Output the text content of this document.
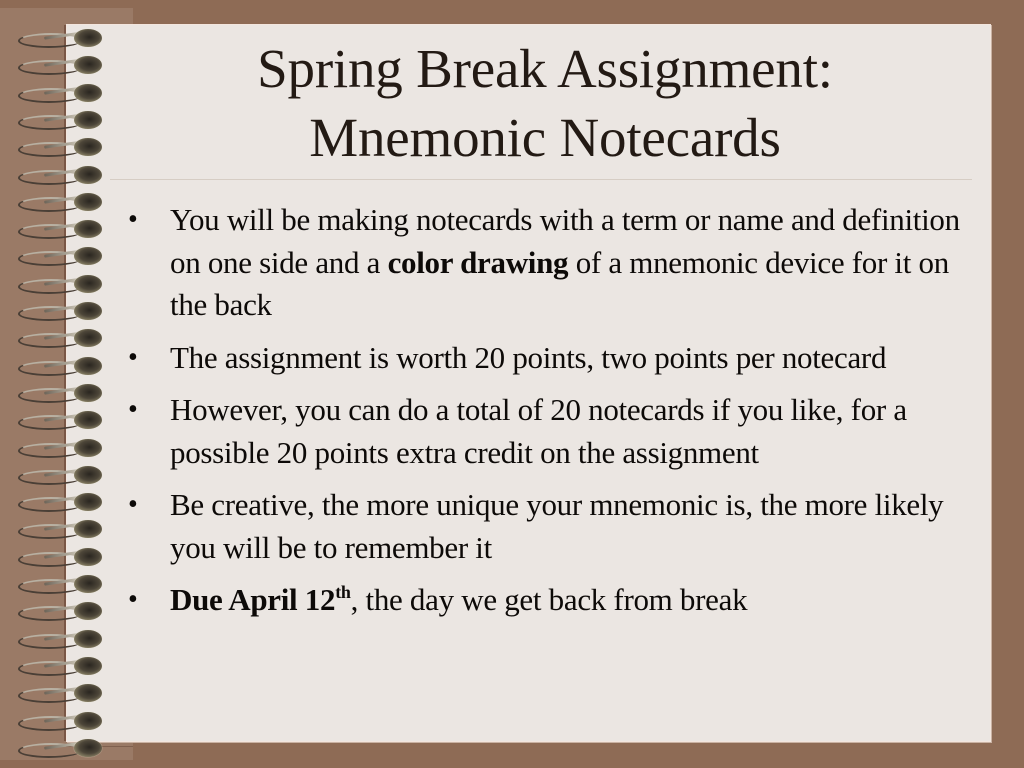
Spring Break Assignment:
Mnemonic Notecards
• You will be making notecards with a term or name and definition on one side and a color drawing of a mnemonic device for it on the back
• The assignment is worth 20 points, two points per notecard
• However, you can do a total of 20 notecards if you like, for a possible 20 points extra credit on the assignment
• Be creative, the more unique your mnemonic is, the more likely you will be to remember it
• Due April 12th, the day we get back from break
